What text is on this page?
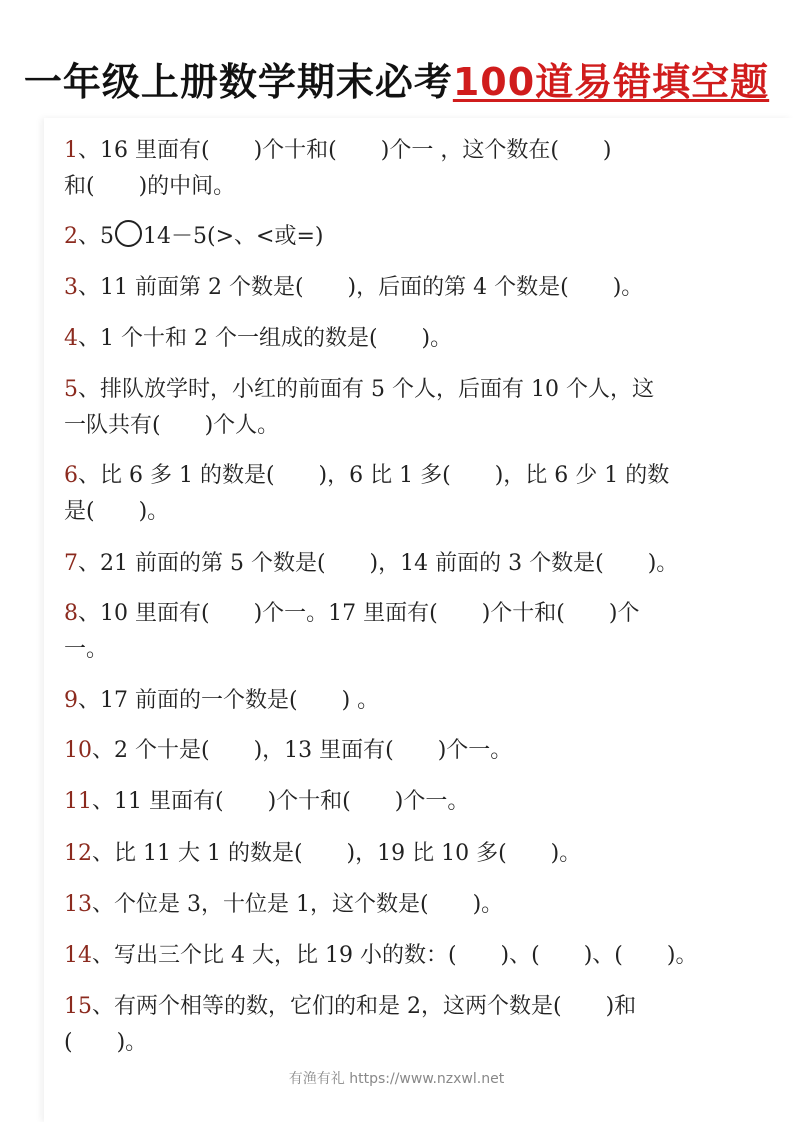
一年级上册数学期末必考100道易错填空题
1、16 里面有(　　)个十和(　　)个一 ，这个数在(　　)
和(　　)的中间。
2、5 14－5(>、<或=)
3、11 前面第 2 个数是(　　)，后面的第 4 个数是(　　)。
4、1 个十和 2 个一组成的数是(　　)。
5、排队放学时，小红的前面有 5 个人，后面有 10 个人，这
一队共有(　　)个人。
6、比 6 多 1 的数是(　　)，6 比 1 多(　　)，比 6 少 1 的数
是(　　)。
7、21 前面的第 5 个数是(　　)，14 前面的 3 个数是(　　)。
8、10 里面有(　　)个一。17 里面有(　　)个十和(　　)个
一。
9、17 前面的一个数是(　　) 。
10、2 个十是(　　)，13 里面有(　　)个一。
11、11 里面有(　　)个十和(　　)个一。
12、比 11 大 1 的数是(　　)，19 比 10 多(　　)。
13、个位是 3，十位是 1，这个数是(　　)。
14、写出三个比 4 大，比 19 小的数：(　　)、(　　)、(　　)。
15、有两个相等的数，它们的和是 2，这两个数是(　　)和
(　　)。
有渔有礼 https://www.nzxwl.net
